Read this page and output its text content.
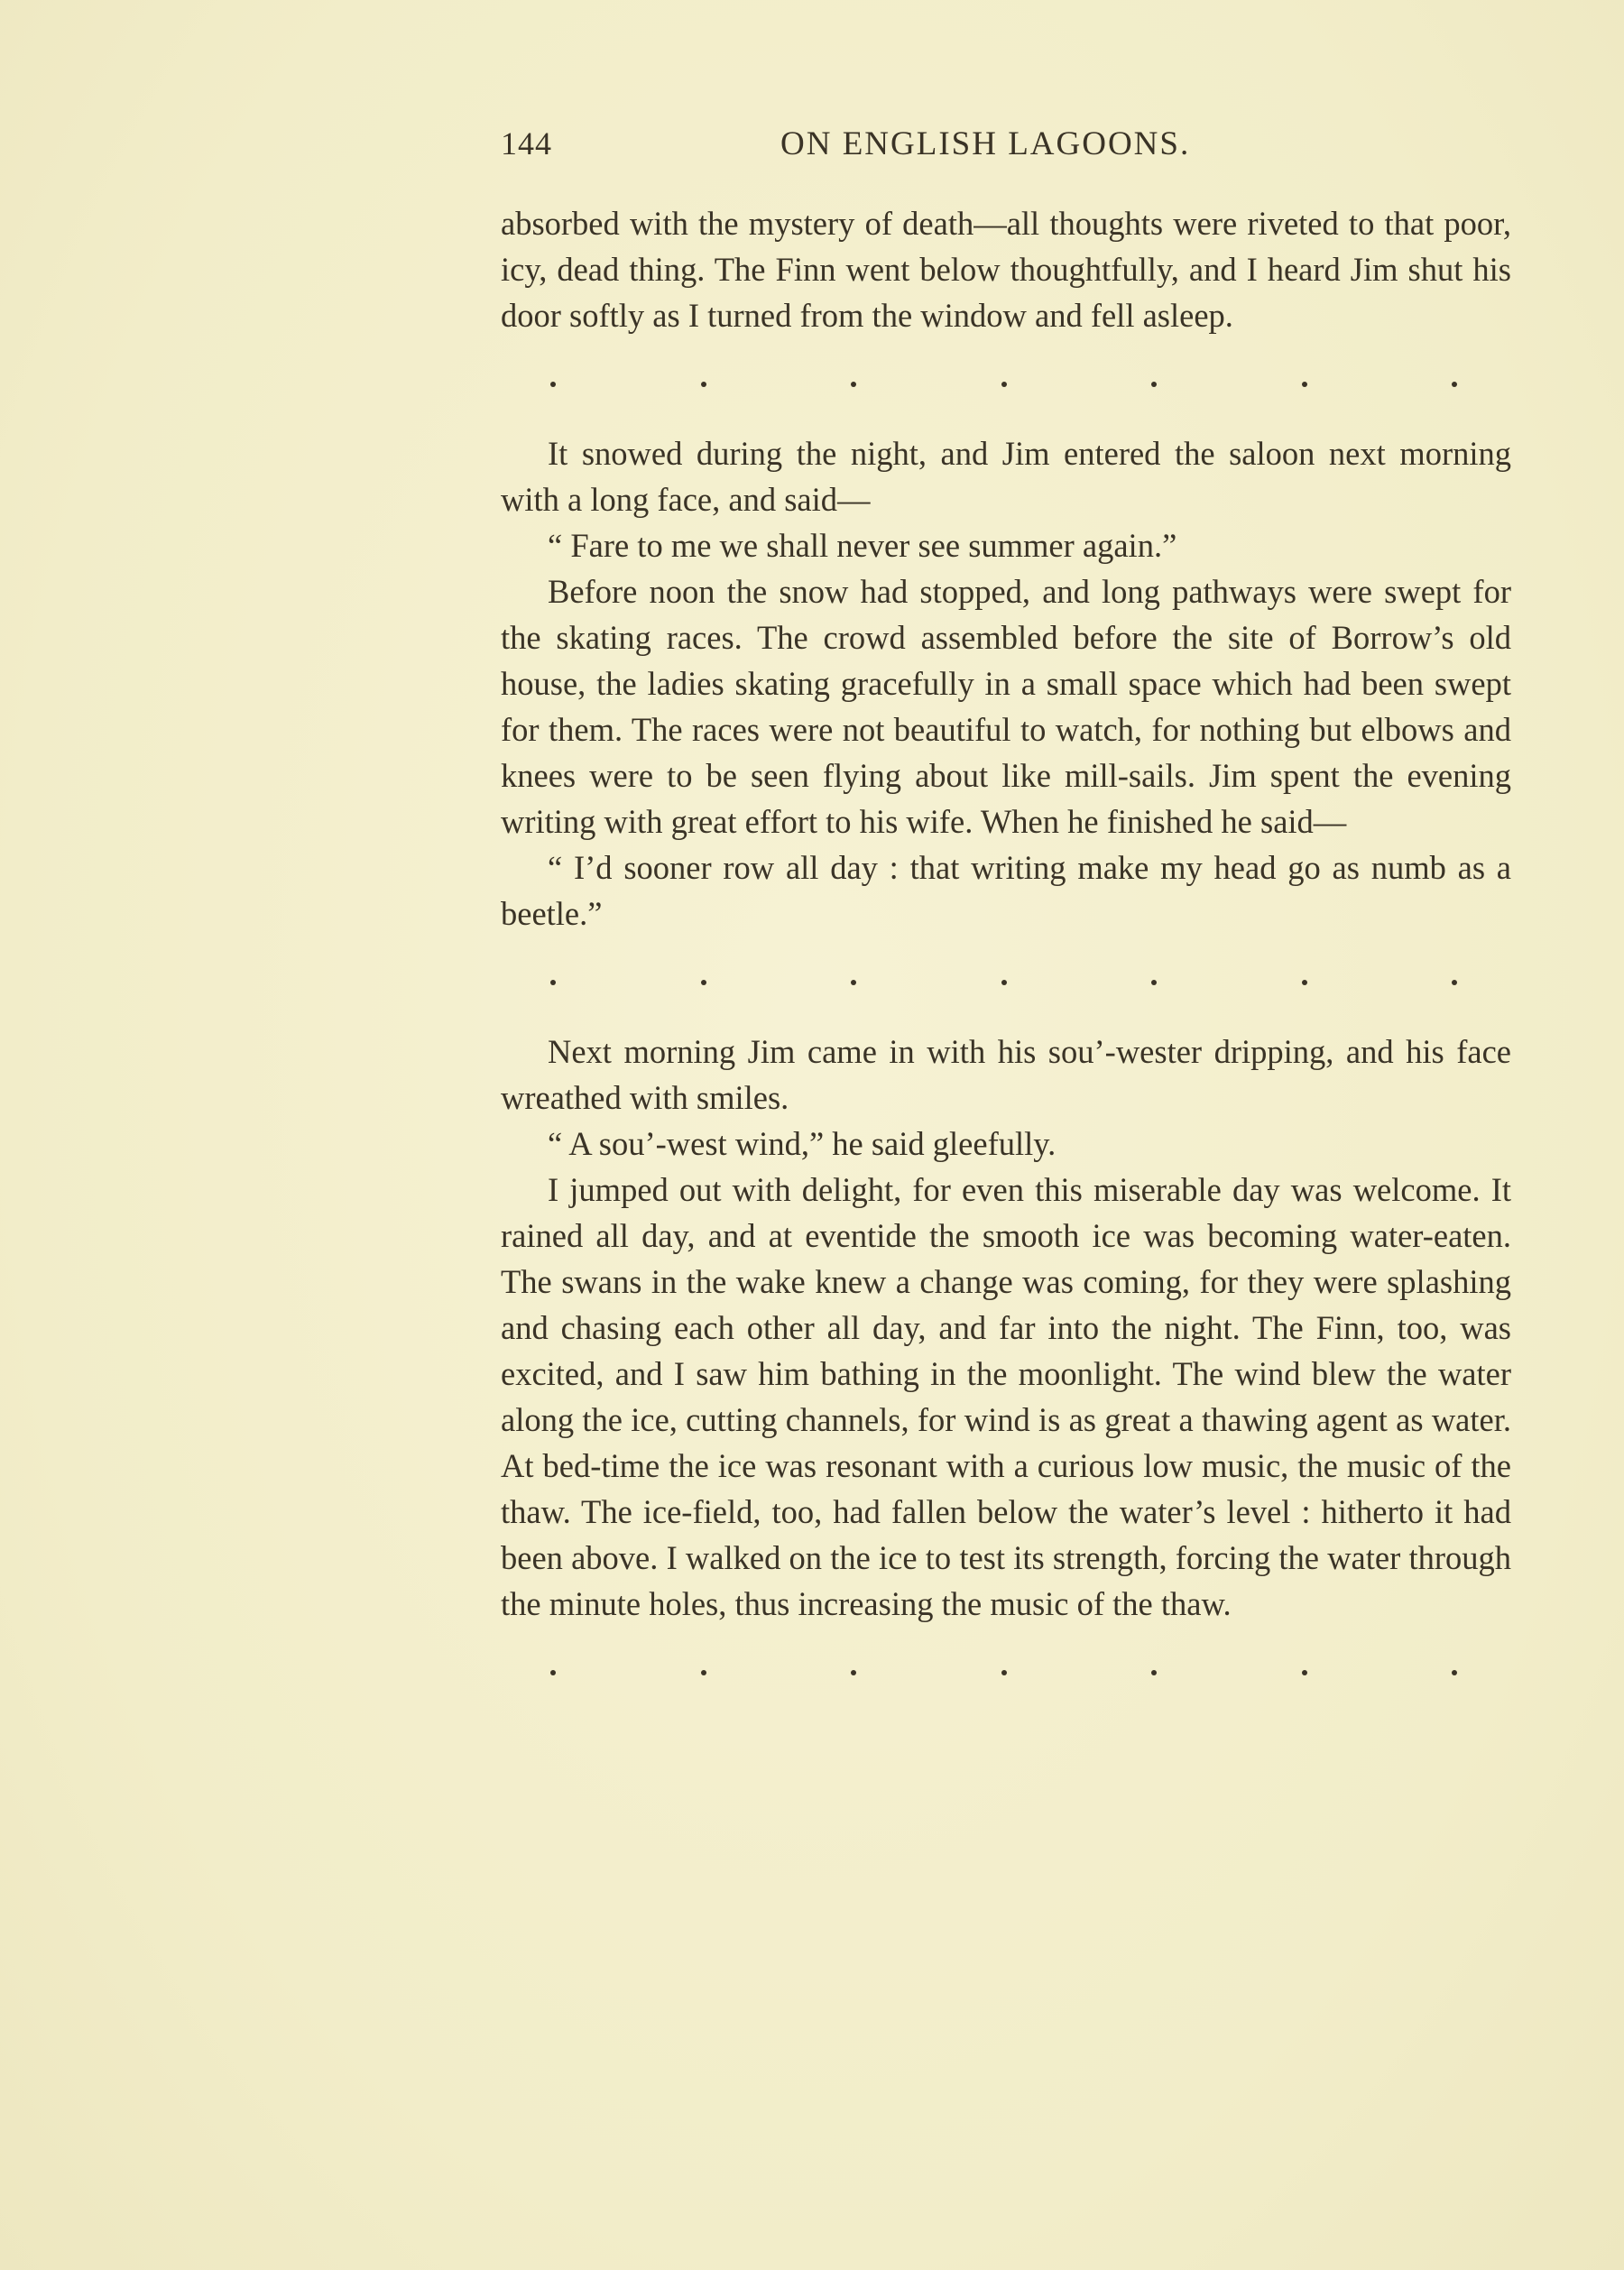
144	ON ENGLISH LAGOONS.

absorbed with the mystery of death—all thoughts were riveted to that poor, icy, dead thing. The Finn went below thoughtfully, and I heard Jim shut his door softly as I turned from the window and fell asleep.

It snowed during the night, and Jim entered the saloon next morning with a long face, and said—

“ Fare to me we shall never see summer again.”

Before noon the snow had stopped, and long pathways were swept for the skating races. The crowd assembled before the site of Borrow’s old house, the ladies skating gracefully in a small space which had been swept for them. The races were not beautiful to watch, for nothing but elbows and knees were to be seen flying about like mill-sails. Jim spent the evening writing with great effort to his wife. When he finished he said—

“ I’d sooner row all day : that writing make my head go as numb as a beetle.”

Next morning Jim came in with his sou’-wester dripping, and his face wreathed with smiles.

“ A sou’-west wind,” he said gleefully.

I jumped out with delight, for even this miserable day was welcome. It rained all day, and at eventide the smooth ice was becoming water-eaten. The swans in the wake knew a change was coming, for they were splashing and chasing each other all day, and far into the night. The Finn, too, was excited, and I saw him bathing in the moonlight. The wind blew the water along the ice, cutting channels, for wind is as great a thawing agent as water. At bed-time the ice was resonant with a curious low music, the music of the thaw. The ice-field, too, had fallen below the water’s level : hitherto it had been above. I walked on the ice to test its strength, forcing the water through the minute holes, thus increasing the music of the thaw.
